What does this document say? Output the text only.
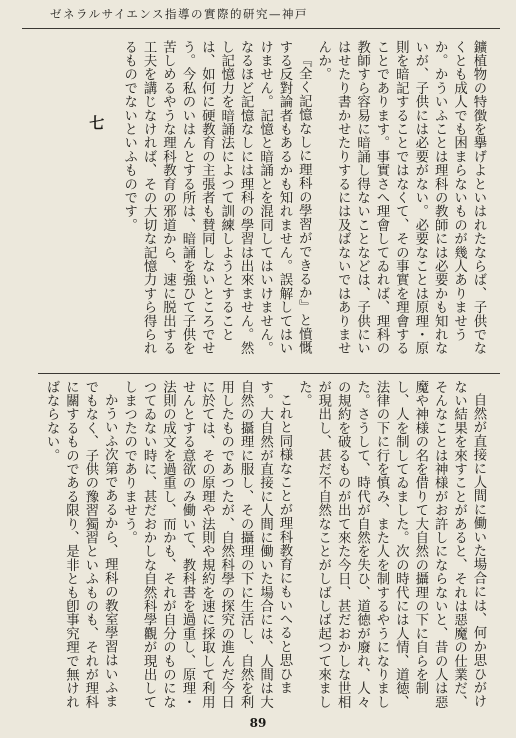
ゼネラルサイエンス指導の實際的研究—神戸

鑛植物の特徴を擧げよといはれたならば、子供でなくとも成人でも困まらないものが幾人ありませうか。かういふことは理科の教師には必要かも知れないが、子供には必要がない。必要なことは原理・原則を暗記することではなくて、その事實を理會することであります。事實さへ理會してゐれば、理科の教師すら容易に暗誦し得ないことなどは、子供にいはせたり書かせたりするには及ばないではありませんか。

『全く記憶なしに理科の學習ができるか』と憤慨する反對論者もあるかも知れません。誤解してはいけません。記憶と暗誦とを混同してはいけません。なるほど記憶なしには理科の學習は出來ません。然し記憶力を暗誦法によつて訓練しようとすることは、如何に硬教育の主張者も賛同しないところでせう。今私のいはんとする所は、暗誦を強ひて子供を苦しめるやうな理科教育の邪道から、速に脱出する工夫を講じなければ、その大切な記憶力すら得られるものでないといふものです。

七

自然が直接に人間に働いた場合には、何か思ひがけない結果を來すことがあると、それは惡魔の仕業だ、そんなことは神様がお許しにならないと、昔の人は惡魔や神様の名を借りて大自然の攝理の下に自らを制し、人を制してゐました。次の時代には人情、道徳、法律の下に行を慎み、また人を制するやうになりました。さうして、時代が自然を失ひ、道徳が廢れ、人々の規約を破るものが出て來た今日、甚だおかしな世相が現出し、甚だ不自然なことがしばしば起つて來ました。

これと同様なことが理科教育にもいへると思ひます。大自然が直接に人間に働いた場合には、人間は大自然の攝理に服し、その攝理の下に生活し、自然を利用したものであつたが、自然科學の探究の進んだ今日に於ては、その原理や法則や規約を速に採取して利用せんとする意欲のみ働いて、教科書を過重し、原理・法則の成文を過重し、而かも、それが自分のものになつてゐない時に、甚だおかしな自然科學觀が現出してしまつたのでありませう。

かういふ次第であるから、理科の教室學習はいふまでもなく、子供の豫習獨習といふものも、それが理科に關するものである限り、是非とも卽事究理で無ければならない。

89
